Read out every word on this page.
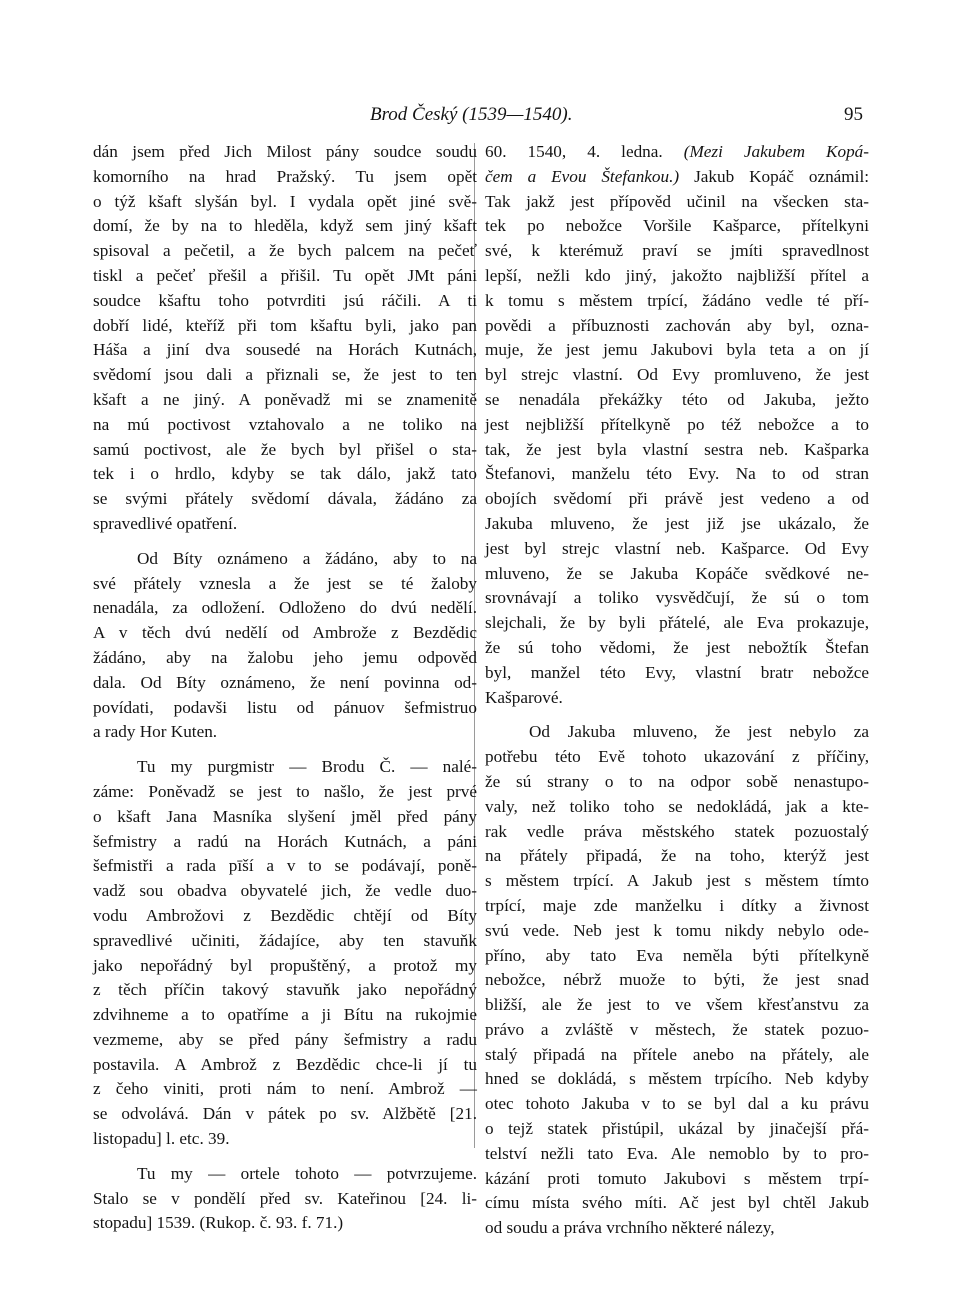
Brod Český (1539—1540).	95
dán jsem před Jich Milost pány soudce soudu
komorního na hrad Pražský. Tu jsem opět
o týž kšaft slyšán byl. I vydala opět jiné svě-
domí, že by na to hleděla, když sem jiný kšaft
spisoval a pečetil, a že bych palcem na pečeť
tiskl a pečeť přešil a přišil. Tu opět JMt páni
soudce kšaftu toho potvrditi jsú ráčili. A ti
dobří lidé, kteříž při tom kšaftu byli, jako pan
Háša a jiní dva sousedé na Horách Kutnách,
svědomí jsou dali a přiznali se, že jest to ten
kšaft a ne jiný. A poněvadž mi se znamenitě
na mú poctivost vztahovalo a ne toliko na
samú poctivost, ale že bych byl přišel o sta-
tek i o hrdlo, kdyby se tak dálo, jakž tato
se svými přátely svědomí dávala, žádáno za
spravedlivé opatření.
Od Bíty oznámeno a žádáno, aby to na
své přátely vznesla a že jest se té žaloby
nenadála, za odložení. Odloženo do dvú nedělí.
A v těch dvú nedělí od Ambrože z Bezdědic
žádáno, aby na žalobu jeho jemu odpověd
dala. Od Bíty oznámeno, že není povinna od-
povídati, podavši listu od pánuov šefmistruo
a rady Hor Kuten.
Tu my purgmistr — Brodu Č. — nalé-
záme: Poněvadž se jest to našlo, že jest prvé
o kšaft Jana Masníka slyšení jměl před pány
šefmistry a radú na Horách Kutnách, a páni
šefmistři a rada pīší a v to se podávají, poně-
vadž sou obadva obyvatelé jich, že vedle duo-
vodu Ambrožovi z Bezdědic chtějí od Bíty
spravedlivé učiniti, žádajíce, aby ten stavuňk
jako nepořádný byl propuštěný, a protož my
z těch příčin takový stavuňk jako nepořádný
zdvihneme a to opatříme a ji Bítu na rukojmie
vezmeme, aby se před pány šefmistry a radu
postavila. A Ambrož z Bezdědic chce-li jí tu
z čeho viniti, proti nám to není. Ambrož —
se odvolává. Dán v pátek po sv. Alžbětě [21.
listopadu] l. etc. 39.
Tu my — ortele tohoto — potvrzujeme.
Stalo se v pondělí před sv. Kateřinou [24. li-
stopadu] 1539. (Rukop. č. 93. f. 71.)
60. 1540, 4. ledna. (Mezi Jakubem Kopá-
čem a Evou Štefankou.) Jakub Kopáč oznámil:
Tak jakž jest přípověd učinil na všecken sta-
tek po nebožce Voršile Kašparce, přítelkyni
své, k kterémuž praví se jmíti spravedlnost
lepší, nežli kdo jiný, jakožto najbližší přítel a
k tomu s městem trpící, žádáno vedle té pří-
povědi a příbuznosti zachován aby byl, ozna-
muje, že jest jemu Jakubovi byla teta a on jí
byl strejc vlastní. Od Evy promluveno, že jest
se nenadála překážky této od Jakuba, ježto
jest nejbližší přítelkyně po též nebožce a to
tak, že jest byla vlastní sestra neb. Kašparka
Štefanovi, manželu této Evy. Na to od stran
obojích svědomí při právě jest vedeno a od
Jakuba mluveno, že jest již jse ukázalo, že
jest byl strejc vlastní neb. Kašparce. Od Evy
mluveno, že se Jakuba Kopáče svědkové ne-
srovnávají a toliko vysvědčují, že sú o tom
slejchali, že by byli přátelé, ale Eva prokazuje,
že sú toho vědomi, že jest nebožtík Štefan
byl, manžel této Evy, vlastní bratr nebožce
Kašparové.
Od Jakuba mluveno, že jest nebylo za
potřebu této Evě tohoto ukazování z příčiny,
že sú strany o to na odpor sobě nenastupo-
valy, než toliko toho se nedokládá, jak a kte-
rak vedle práva městského statek pozuostalý
na přátely připadá, že na toho, kterýž jest
s městem trpící. A Jakub jest s městem tímto
trpící, maje zde manželku i dítky a živnost
svú vede. Neb jest k tomu nikdy nebylo ode-
příno, aby tato Eva neměla býti přítelkyně
nebožce, nébrž muože to býti, že jest snad
bližší, ale že jest to ve všem křesťanstvu za
právo a zvláště v městech, že statek pozuo-
stalý připadá na přítele anebo na přátely, ale
hned se dokládá, s městem trpícího. Neb kdyby
otec tohoto Jakuba v to se byl dal a ku právu
o tejž statek přistúpil, ukázal by jinačejší přá-
telství nežli tato Eva. Ale nemoblo by to pro-
kázání proti tomuto Jakubovi s městem trpí-
címu místa svého míti. Ač jest byl chtěl Jakub
od soudu a práva vrchního některé nálezy,
